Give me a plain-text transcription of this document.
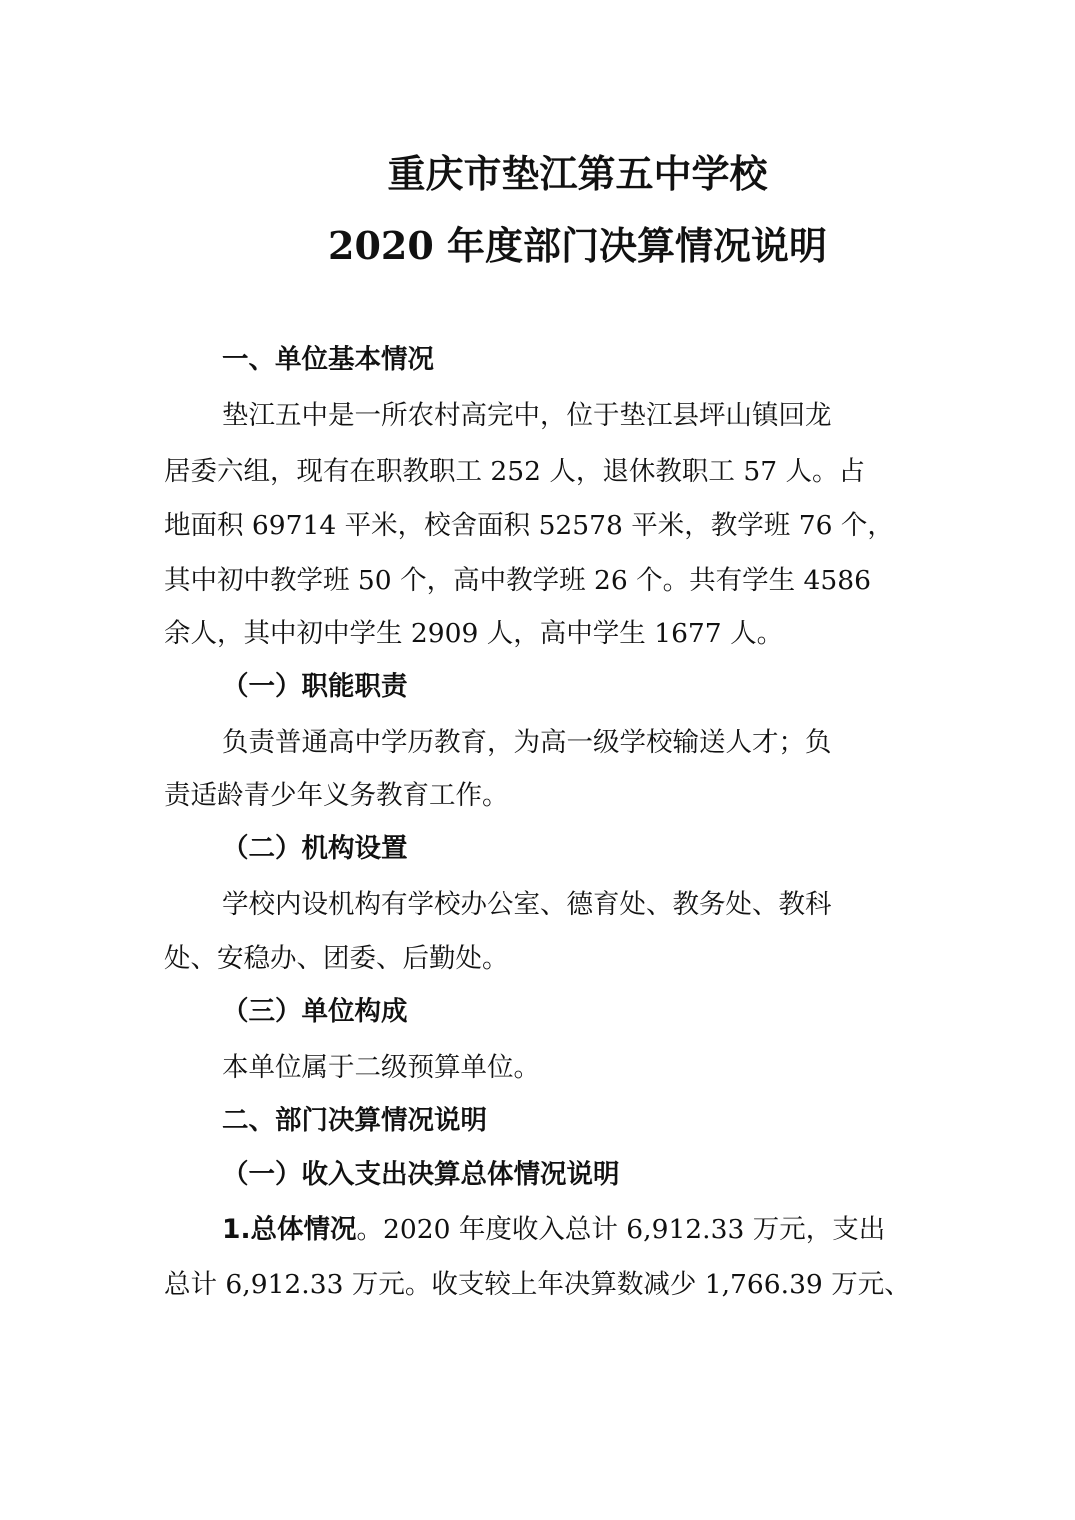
重庆市垫江第五中学校
2020 年度部门决算情况说明

一、单位基本情况

垫江五中是一所农村高完中，位于垫江县坪山镇回龙

居委六组，现有在职教职工 252 人，退休教职工 57 人。占

地面积 69714 平米，校舍面积 52578 平米，教学班 76 个，

其中初中教学班 50 个，高中教学班 26 个。共有学生 4586

余人，其中初中学生 2909 人，高中学生 1677 人。

（一）职能职责

负责普通高中学历教育，为高一级学校输送人才；负

责适龄青少年义务教育工作。

（二）机构设置

学校内设机构有学校办公室、德育处、教务处、教科

处、安稳办、团委、后勤处。

（三）单位构成

本单位属于二级预算单位。

二、部门决算情况说明

（一）收入支出决算总体情况说明

1.总体情况。2020 年度收入总计 6,912.33 万元，支出

总计 6,912.33 万元。收支较上年决算数减少 1,766.39 万元、
